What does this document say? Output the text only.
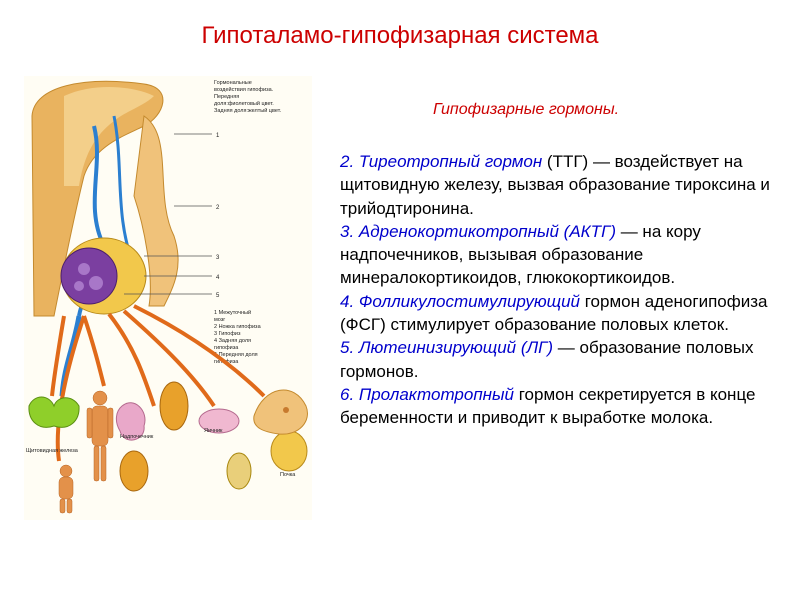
Гипоталамо-гипофизарная система
1
2
3
4
5
Гормональные
воздействия гипофиза.
Передняя
доля:фиолетовый цвет.
Задняя доля:желтый цвет.
1 Межуточный
мозг
2 Ножка гипофиза
3 Гипофиз
4 Задняя доля
гипофиза
5 Передняя доля
гипофиза
Щитовидная железа
Надпочечник
Почка
Яичник
Гипофизарные гормоны.
2. Тиреотропный гормон (ТТГ) — воздействует на щитовидную железу, вызвая образование тироксина и трийодтиронина.
3. Адренокортикотропный (АКТГ) — на кору надпочечников, вызывая образование минералокортикоидов, глюкокортикоидов.
4. Фолликулостимулирующий гормон аденогипофиза (ФСГ) стимулирует образование половых клеток.
5. Лютеинизирующий (ЛГ) — образование половых гормонов.
6. Пролактотропный гормон секретируется в конце беременности и приводит к выработке молока.
